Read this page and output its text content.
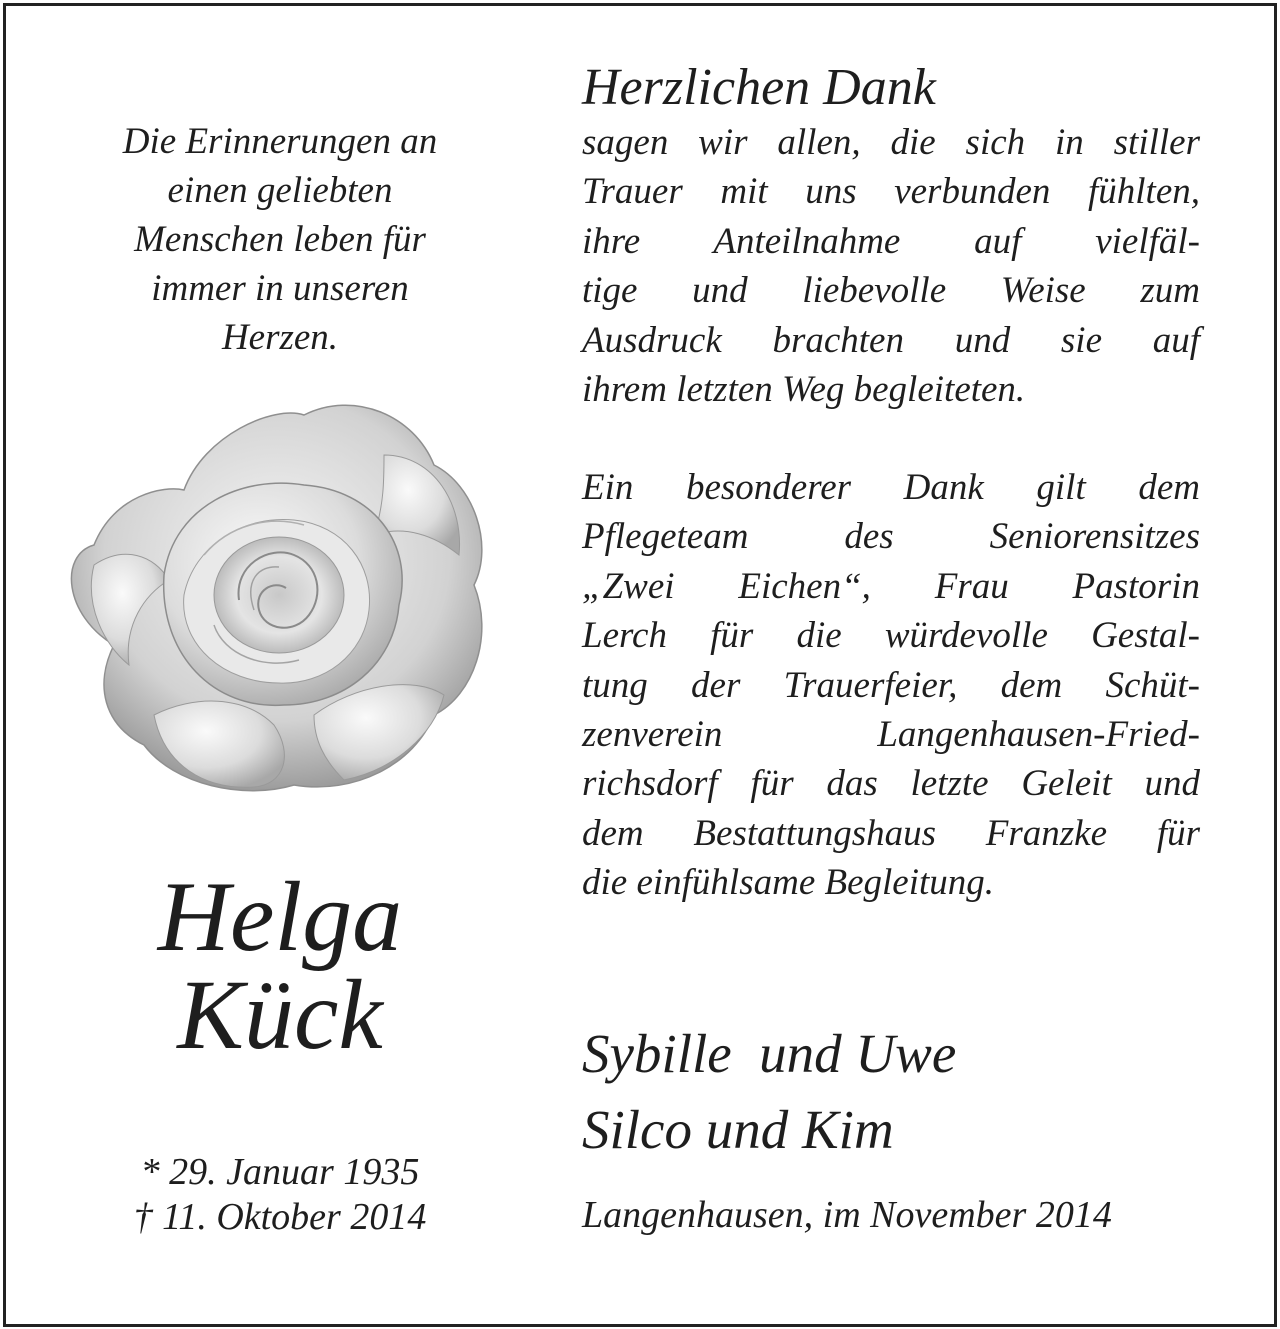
Die Erinnerungen an
einen geliebten
Menschen leben für
immer in unseren
Herzen.
Helga
Kück
* 29. Januar 1935
† 11. Oktober 2014
Herzlichen Dank
sagen wir allen, die sich in stiller
Trauer mit uns verbunden fühlten,
ihre Anteilnahme auf vielfäl-
tige und liebevolle Weise zum
Ausdruck brachten und sie auf
ihrem letzten Weg begleiteten.
Ein besonderer Dank gilt dem
Pflegeteam des Seniorensitzes
„Zwei Eichen“, Frau Pastorin
Lerch für die würdevolle Gestal-
tung der Trauerfeier, dem Schüt-
zenverein Langenhausen-Fried-
richsdorf für das letzte Geleit und
dem Bestattungshaus Franzke für
die einfühlsame Begleitung.
Sybille  und Uwe
Silco und Kim
Langenhausen, im November 2014
